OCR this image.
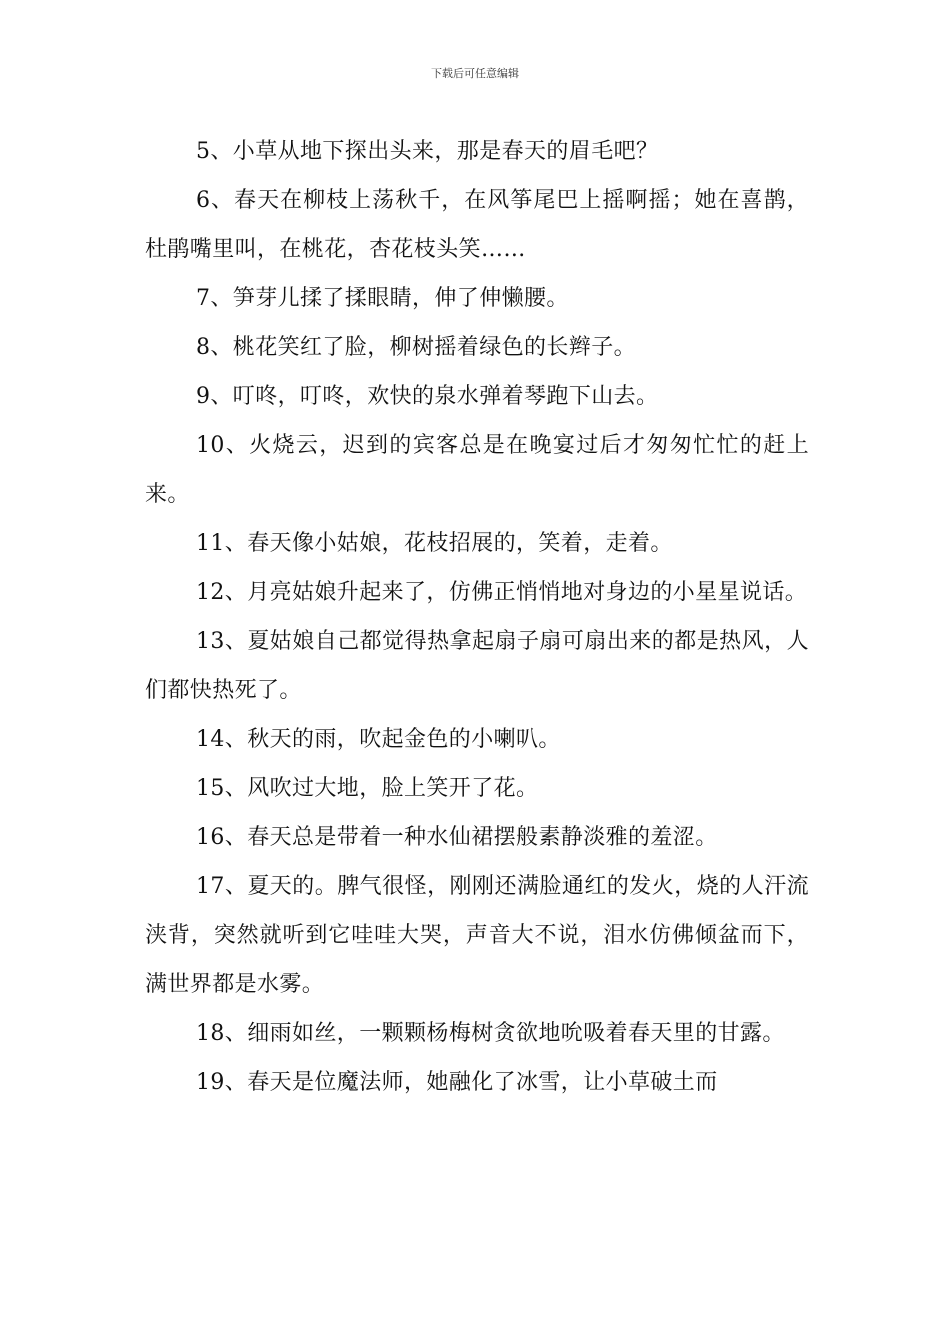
下载后可任意编辑

5、小草从地下探出头来，那是春天的眉毛吧？

6、春天在柳枝上荡秋千，在风筝尾巴上摇啊摇；她在喜鹊，杜鹃嘴里叫，在桃花，杏花枝头笑……

7、笋芽儿揉了揉眼睛，伸了伸懒腰。

8、桃花笑红了脸，柳树摇着绿色的长辫子。

9、叮咚，叮咚，欢快的泉水弹着琴跑下山去。

10、火烧云，迟到的宾客总是在晚宴过后才匆匆忙忙的赶上来。

11、春天像小姑娘，花枝招展的，笑着，走着。

12、月亮姑娘升起来了，仿佛正悄悄地对身边的小星星说话。

13、夏姑娘自己都觉得热拿起扇子扇可扇出来的都是热风，人们都快热死了。

14、秋天的雨，吹起金色的小喇叭。

15、风吹过大地，脸上笑开了花。

16、春天总是带着一种水仙裙摆般素静淡雅的羞涩。

17、夏天的。脾气很怪，刚刚还满脸通红的发火，烧的人汗流浃背，突然就听到它哇哇大哭，声音大不说，泪水仿佛倾盆而下，满世界都是水雾。

18、细雨如丝，一颗颗杨梅树贪欲地吮吸着春天里的甘露。

19、春天是位魔法师，她融化了冰雪，让小草破土而
